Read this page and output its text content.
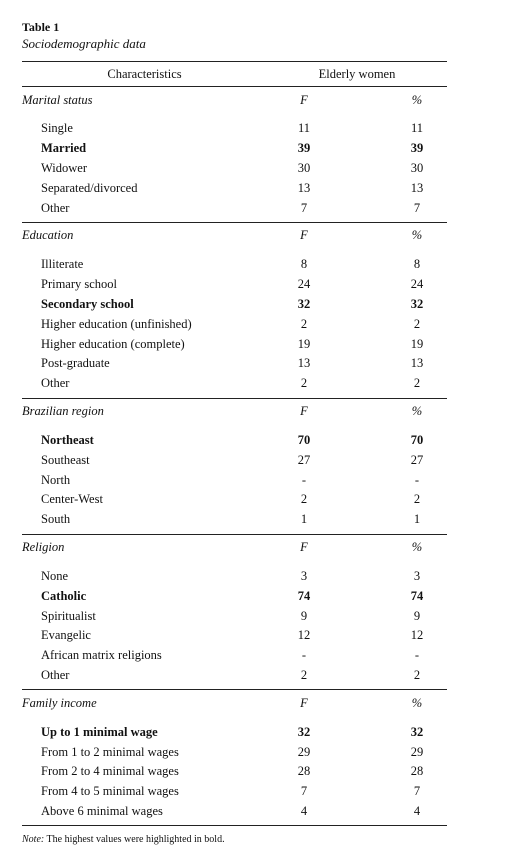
Table 1
Sociodemographic data
Characteristics	Elderly women
Marital status	F	%
Single	11	11
Married	39	39
Widower	30	30
Separated/divorced	13	13
Other	7	7
Education	F	%
Illiterate	8	8
Primary school	24	24
Secondary school	32	32
Higher education (unfinished)	2	2
Higher education (complete)	19	19
Post-graduate	13	13
Other	2	2
Brazilian region	F	%
Northeast	70	70
Southeast	27	27
North	-	-
Center-West	2	2
South	1	1
Religion	F	%
None	3	3
Catholic	74	74
Spiritualist	9	9
Evangelic	12	12
African matrix religions	-	-
Other	2	2
Family income	F	%
Up to 1 minimal wage	32	32
From 1 to 2 minimal wages	29	29
From 2 to 4 minimal wages	28	28
From 4 to 5 minimal wages	7	7
Above 6 minimal wages	4	4
Note: The highest values were highlighted in bold.
